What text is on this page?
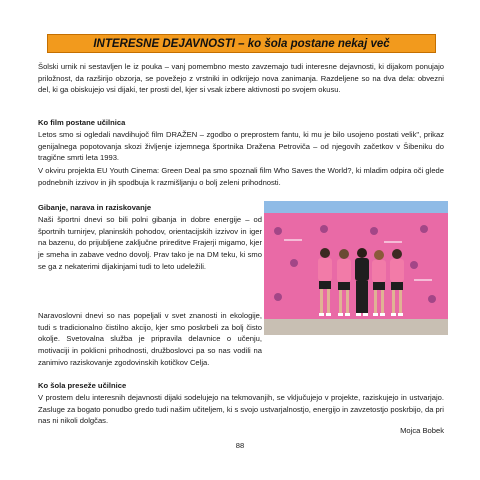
INTERESNE DEJAVNOSTI – ko šola postane nekaj več

Šolski urnik ni sestavljen le iz pouka – vanj pomembno mesto zavzemajo tudi interesne dejavnosti, ki dijakom ponujajo priložnost, da razširijo obzorja, se povežejo z vrstniki in odkrijejo nova zanimanja. Razdeljene so na dva dela: obvezni del, ki ga obiskujejo vsi dijaki, ter prosti del, kjer si vsak izbere aktivnosti po svojem okusu.

Ko film postane učilnica

Letos smo si ogledali navdihujoč film DRAŽEN – zgodbo o preprostem fantu, ki mu je bilo usojeno postati velik", prikaz genijalnega popotovanja skozi življenje izjemnega športnika Dražena Petroviča – od njegovih začetkov v Šibeniku do tragične smrti leta 1993.

V okviru projekta EU Youth Cinema: Green Deal pa smo spoznali film Who Saves the World?, ki mladim odpira oči glede podnebnih izzivov in jih spodbuja k razmišljanju o bolj zeleni prihodnosti.

Gibanje, narava in raziskovanje

Naši športni dnevi so bili polni gibanja in dobre energije – od športnih turnirjev, planinskih pohodov, orientacijskih izzivov in iger na bazenu, do prijubljene zaključne prireditve Frajerji migamo, kjer je smeha in zabave vedno dovolj. Prav tako je na DM teku, ki smo se ga z nekaterimi dijakinjami tudi to leto udeležili.

Naravoslovni dnevi so nas popeljali v svet znanosti in ekologije, tudi s tradicionalno čistilno akcijo, kjer smo poskrbeli za bolj čisto okolje. Svetovalna služba je pripravila delavnice o učenju, motivaciji in poklicni prihodnosti, družboslovci pa so nas vodili na zanimivo raziskovanje zgodovinskih kotičkov Celja.

Ko šola preseže učilnice

V prostem delu interesnih dejavnosti dijaki sodelujejo na tekmovanjih, se vključujejo v projekte, raziskujejo in ustvarjajo. Zasluge za bogato ponudbo gredo tudi našim učiteljem, ki s svojo ustvarjalnostjo, energijo in zavzetostjo poskrbijo, da pri nas ni nikoli dolgčas.

Mojca Bobek
88
